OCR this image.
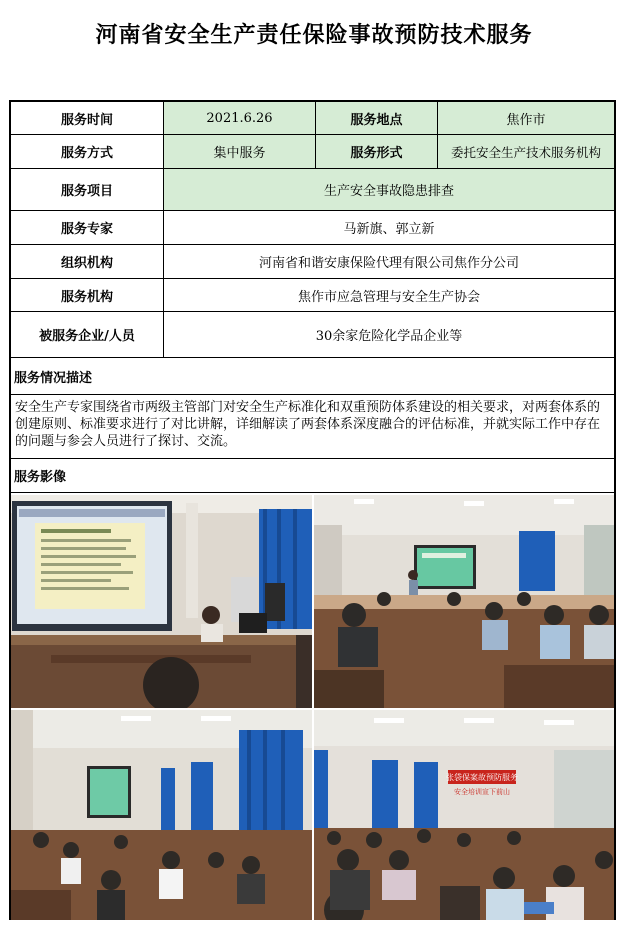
河南省安全生产责任保险事故预防技术服务
服务时间	2021.6.26	服务地点	焦作市
服务方式	集中服务	服务形式	委托安全生产技术服务机构
服务项目	生产安全事故隐患排查
服务专家	马新旗、郭立新
组织机构	河南省和谐安康保险代理有限公司焦作分公司
服务机构	焦作市应急管理与安全生产协会
被服务企业/人员	30余家危险化学品企业等
服务情况描述
安全生产专家围绕省市两级主管部门对安全生产标准化和双重预防体系建设的相关要求，对两套体系的创建原则、标准要求进行了对比讲解，详细解读了两套体系深度融合的评估标准，并就实际工作中存在的问题与参会人员进行了探讨、交流。
服务影像
张袋保案故预防服务
安全培训宣下前山
